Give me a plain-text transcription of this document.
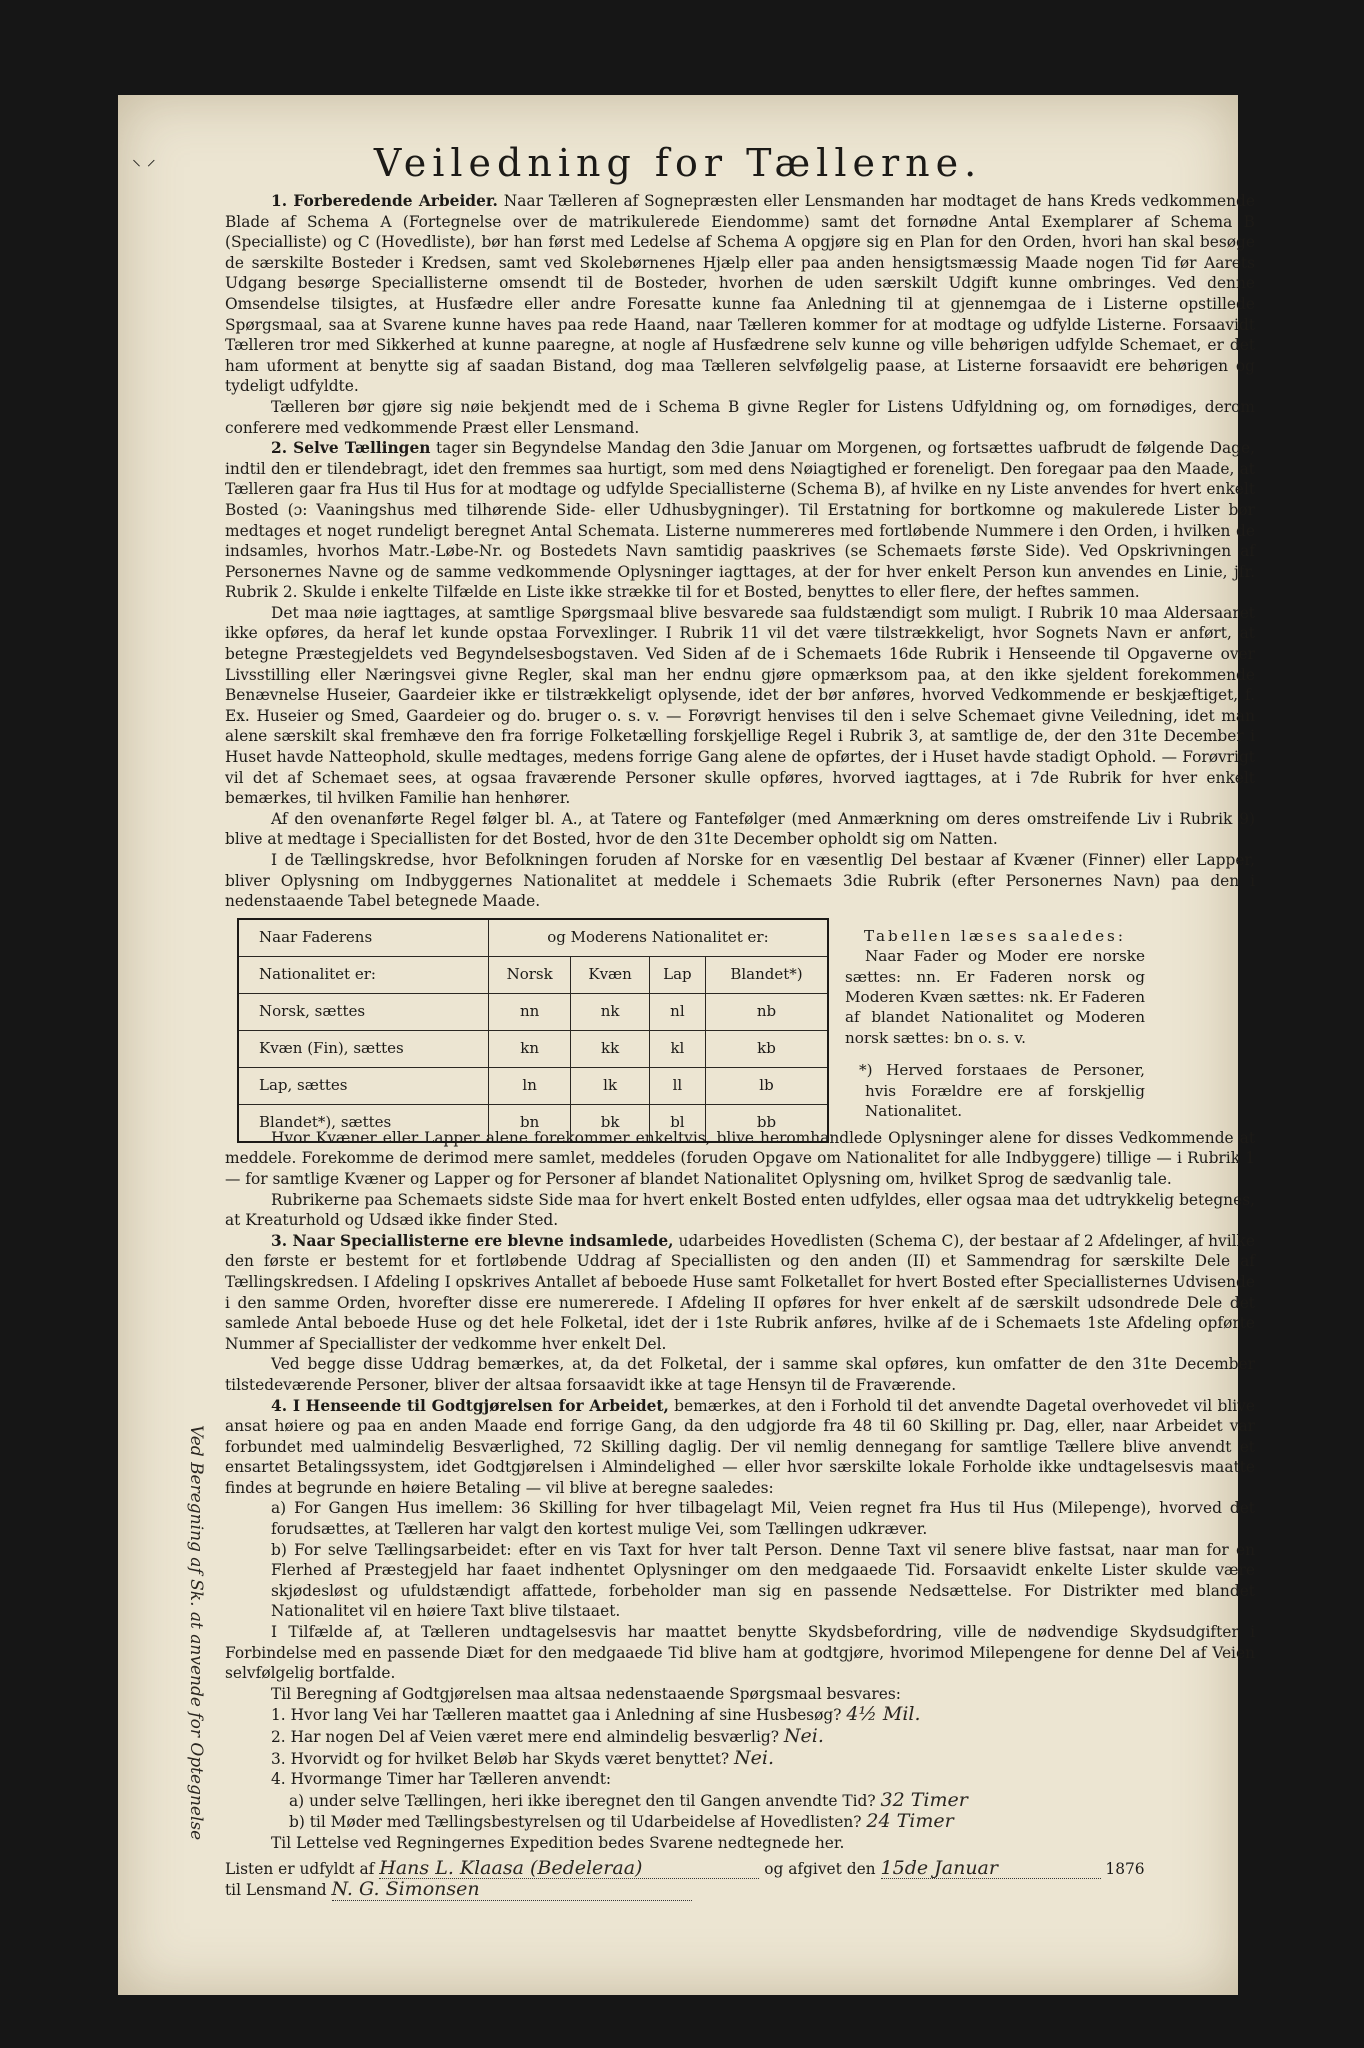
⸜ ⸝	Veiledning for Tællerne.

1. Forberedende Arbeider. Naar Tælleren af Sognepræsten eller Lensmanden har modtaget de hans Kreds vedkommende Blade af Schema A (Fortegnelse over de matrikulerede Eiendomme) samt det fornødne Antal Exemplarer af Schema B (Specialliste) og C (Hovedliste), bør han først med Ledelse af Schema A opgjøre sig en Plan for den Orden, hvori han skal besøge de særskilte Bosteder i Kredsen, samt ved Skolebørnenes Hjælp eller paa anden hensigtsmæssig Maade nogen Tid før Aarets Udgang besørge Speciallisterne omsendt til de Bosteder, hvorhen de uden særskilt Udgift kunne ombringes. Ved denne Omsendelse tilsigtes, at Husfædre eller andre Foresatte kunne faa Anledning til at gjennemgaa de i Listerne opstillede Spørgsmaal, saa at Svarene kunne haves paa rede Haand, naar Tælleren kommer for at modtage og udfylde Listerne. Forsaavidt Tælleren tror med Sikkerhed at kunne paaregne, at nogle af Husfædrene selv kunne og ville behørigen udfylde Schemaet, er det ham uforment at benytte sig af saadan Bistand, dog maa Tælleren selvfølgelig paase, at Listerne forsaavidt ere behørigen og tydeligt udfyldte.

Tælleren bør gjøre sig nøie bekjendt med de i Schema B givne Regler for Listens Udfyldning og, om fornødiges, derom conferere med vedkommende Præst eller Lensmand.

2. Selve Tællingen tager sin Begyndelse Mandag den 3die Januar om Morgenen, og fortsættes uafbrudt de følgende Dage, indtil den er tilendebragt, idet den fremmes saa hurtigt, som med dens Nøiagtighed er foreneligt. Den foregaar paa den Maade, at Tælleren gaar fra Hus til Hus for at modtage og udfylde Speciallisterne (Schema B), af hvilke en ny Liste anvendes for hvert enkelt Bosted (ɔ: Vaaningshus med tilhørende Side- eller Udhusbygninger). Til Erstatning for bortkomne og makulerede Lister bør medtages et noget rundeligt beregnet Antal Schemata. Listerne nummereres med fortløbende Nummere i den Orden, i hvilken de indsamles, hvorhos Matr.-Løbe-Nr. og Bostedets Navn samtidig paaskrives (se Schemaets første Side). Ved Opskrivningen af Personernes Navne og de samme vedkommende Oplysninger iagttages, at der for hver enkelt Person kun anvendes en Linie, jfr. Rubrik 2. Skulde i enkelte Tilfælde en Liste ikke strække til for et Bosted, benyttes to eller flere, der heftes sammen.

Det maa nøie iagttages, at samtlige Spørgsmaal blive besvarede saa fuldstændigt som muligt. I Rubrik 10 maa Aldersaaret ikke opføres, da heraf let kunde opstaa Forvexlinger. I Rubrik 11 vil det være tilstrækkeligt, hvor Sognets Navn er anført, at betegne Præstegjeldets ved Begyndelsesbogstaven. Ved Siden af de i Schemaets 16de Rubrik i Henseende til Opgaverne over Livsstilling eller Næringsvei givne Regler, skal man her endnu gjøre opmærksom paa, at den ikke sjeldent forekommende Benævnelse Huseier, Gaardeier ikke er tilstrækkeligt oplysende, idet der bør anføres, hvorved Vedkommende er beskjæftiget, f. Ex. Huseier og Smed, Gaardeier og do. bruger o. s. v. — Forøvrigt henvises til den i selve Schemaet givne Veiledning, idet man alene særskilt skal fremhæve den fra forrige Folketælling forskjellige Regel i Rubrik 3, at samtlige de, der den 31te December i Huset havde Natteophold, skulle medtages, medens forrige Gang alene de opførtes, der i Huset havde stadigt Ophold. — Forøvrigt vil det af Schemaet sees, at ogsaa fraværende Personer skulle opføres, hvorved iagttages, at i 7de Rubrik for hver enkelt bemærkes, til hvilken Familie han henhører.

Af den ovenanførte Regel følger bl. A., at Tatere og Fantefølger (med Anmærkning om deres omstreifende Liv i Rubrik 9) blive at medtage i Speciallisten for det Bosted, hvor de den 31te December opholdt sig om Natten.

I de Tællingskredse, hvor Befolkningen foruden af Norske for en væsentlig Del bestaar af Kvæner (Finner) eller Lapper, bliver Oplysning om Indbyggernes Nationalitet at meddele i Schemaets 3die Rubrik (efter Personernes Navn) paa den i nedenstaaende Tabel betegnede Maade.

Naar Faderens	og Moderens Nationalitet er:			
Nationalitet er:	Norsk	Kvæn	Lap	Blandet*)
Norsk, sættes	nn	nk	nl	nb
Kvæn (Fin), sættes	kn	kk	kl	kb
Lap, sættes	ln	lk	ll	lb
Blandet*), sættes	bn	bk	bl	bb
Tabellen læses saaledes:
Naar Fader og Moder ere norske sættes: nn. Er Faderen norsk og Moderen Kvæn sættes: nk. Er Faderen af blandet Nationalitet og Moderen norsk sættes: bn o. s. v.
*) Herved forstaaes de Personer, hvis Forældre ere af forskjellig Nationalitet.

Hvor Kvæner eller Lapper alene forekommer enkeltvis, blive heromhandlede Oplysninger alene for disses Vedkommende at meddele. Forekomme de derimod mere samlet, meddeles (foruden Opgave om Nationalitet for alle Indbyggere) tillige — i Rubrik 1 — for samtlige Kvæner og Lapper og for Personer af blandet Nationalitet Oplysning om, hvilket Sprog de sædvanlig tale.

Rubrikerne paa Schemaets sidste Side maa for hvert enkelt Bosted enten udfyldes, eller ogsaa maa det udtrykkelig betegnes, at Kreaturhold og Udsæd ikke finder Sted.

3. Naar Speciallisterne ere blevne indsamlede, udarbeides Hovedlisten (Schema C), der bestaar af 2 Afdelinger, af hvilke den første er bestemt for et fortløbende Uddrag af Speciallisten og den anden (II) et Sammendrag for særskilte Dele af Tællingskredsen. I Afdeling I opskrives Antallet af beboede Huse samt Folketallet for hvert Bosted efter Speciallisternes Udvisende i den samme Orden, hvorefter disse ere numererede. I Afdeling II opføres for hver enkelt af de særskilt udsondrede Dele det samlede Antal beboede Huse og det hele Folketal, idet der i 1ste Rubrik anføres, hvilke af de i Schemaets 1ste Afdeling opførte Nummer af Speciallister der vedkomme hver enkelt Del.

Ved begge disse Uddrag bemærkes, at, da det Folketal, der i samme skal opføres, kun omfatter de den 31te December tilstedeværende Personer, bliver der altsaa forsaavidt ikke at tage Hensyn til de Fraværende.

4. I Henseende til Godtgjørelsen for Arbeidet, bemærkes, at den i Forhold til det anvendte Dagetal overhovedet vil blive ansat høiere og paa en anden Maade end forrige Gang, da den udgjorde fra 48 til 60 Skilling pr. Dag, eller, naar Arbeidet var forbundet med ualmindelig Besværlighed, 72 Skilling daglig. Der vil nemlig dennegang for samtlige Tællere blive anvendt et ensartet Betalingssystem, idet Godtgjørelsen i Almindelighed — eller hvor særskilte lokale Forholde ikke undtagelsesvis maatte findes at begrunde en høiere Betaling — vil blive at beregne saaledes:

a) For Gangen Hus imellem: 36 Skilling for hver tilbagelagt Mil, Veien regnet fra Hus til Hus (Milepenge), hvorved det forudsættes, at Tælleren har valgt den kortest mulige Vei, som Tællingen udkræver.

b) For selve Tællingsarbeidet: efter en vis Taxt for hver talt Person. Denne Taxt vil senere blive fastsat, naar man for en Flerhed af Præstegjeld har faaet indhentet Oplysninger om den medgaaede Tid. Forsaavidt enkelte Lister skulde være skjødesløst og ufuldstændigt affattede, forbeholder man sig en passende Nedsættelse. For Distrikter med blandet Nationalitet vil en høiere Taxt blive tilstaaet.

I Tilfælde af, at Tælleren undtagelsesvis har maattet benytte Skydsbefordring, ville de nødvendige Skydsudgifter i Forbindelse med en passende Diæt for den medgaaede Tid blive ham at godtgjøre, hvorimod Milepengene for denne Del af Veien selvfølgelig bortfalde.

Til Beregning af Godtgjørelsen maa altsaa nedenstaaende Spørgsmaal besvares:

1. Hvor lang Vei har Tælleren maattet gaa i Anledning af sine Husbesøg? 4½ Mil.
2. Har nogen Del af Veien været mere end almindelig besværlig? Nei.
3. Hvorvidt og for hvilket Beløb har Skyds været benyttet? Nei.
4. Hvormange Timer har Tælleren anvendt:
a) under selve Tællingen, heri ikke iberegnet den til Gangen anvendte Tid? 32 Timer
b) til Møder med Tællingsbestyrelsen og til Udarbeidelse af Hovedlisten? 24 Timer

Til Lettelse ved Regningernes Expedition bedes Svarene nedtegnede her.

Listen er udfyldt af Hans L. Klaasa (Bedeleraa)	og afgivet den 15de Januar	1876
til Lensmand N. G. Simonsen
Ved Beregning af Sk. at anvende for Optegnelse
